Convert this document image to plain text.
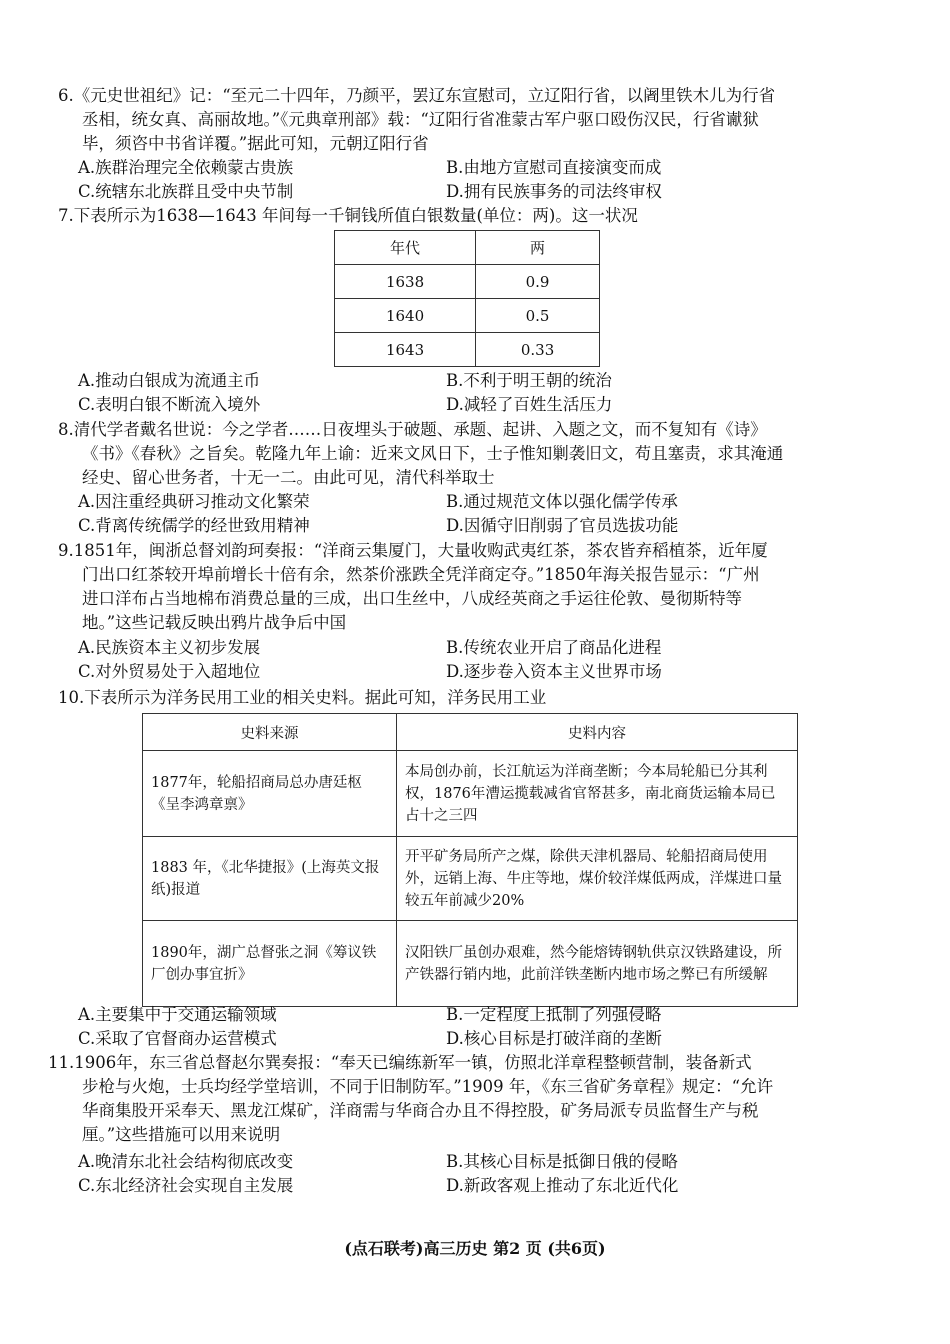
6.《元史世祖纪》记：“至元二十四年，乃颜平，罢辽东宣慰司，立辽阳行省，以阇里铁木儿为行省

丞相，统女真、高丽故地。”《元典章刑部》载：“辽阳行省准蒙古军户驱口殴伤汉民，行省谳狱

毕，须咨中书省详覆。”据此可知，元朝辽阳行省

A.族群治理完全依赖蒙古贵族	B.由地方宣慰司直接演变而成
C.统辖东北族群且受中央节制	D.拥有民族事务的司法终审权

7.下表所示为1638—1643 年间每一千铜钱所值白银数量(单位：两)。这一状况

年代	两
1638	0.9
1640	0.5
1643	0.33
A.推动白银成为流通主币	B.不利于明王朝的统治
C.表明白银不断流入境外	D.减轻了百姓生活压力

8.清代学者戴名世说：今之学者……日夜埋头于破题、承题、起讲、入题之文，而不复知有《诗》

《书》《春秋》之旨矣。乾隆九年上谕：近来文风日下，士子惟知剿袭旧文，苟且塞责，求其淹通

经史、留心世务者，十无一二。由此可见，清代科举取士

A.因注重经典研习推动文化繁荣	B.通过规范文体以强化儒学传承
C.背离传统儒学的经世致用精神	D.因循守旧削弱了官员选拔功能

9.1851年，闽浙总督刘韵珂奏报：“洋商云集厦门，大量收购武夷红茶，茶农皆弃稻植茶，近年厦

门出口红茶较开埠前增长十倍有余，然茶价涨跌全凭洋商定夺。”1850年海关报告显示：“广州

进口洋布占当地棉布消费总量的三成，出口生丝中，八成经英商之手运往伦敦、曼彻斯特等

地。”这些记载反映出鸦片战争后中国

A.民族资本主义初步发展	B.传统农业开启了商品化进程
C.对外贸易处于入超地位	D.逐步卷入资本主义世界市场

10.下表所示为洋务民用工业的相关史料。据此可知，洋务民用工业

史料来源	史料内容
1877年，轮船招商局总办唐廷枢《呈李鸿章禀》	本局创办前，长江航运为洋商垄断；今本局轮船已分其利权，1876年漕运揽载减省官帑甚多，南北商货运输本局已占十之三四
1883 年，《北华捷报》(上海英文报纸)报道	开平矿务局所产之煤，除供天津机器局、轮船招商局使用外，远销上海、牛庄等地，煤价较洋煤低两成，洋煤进口量较五年前减少20%
1890年，湖广总督张之洞《筹议铁厂创办事宜折》	汉阳铁厂虽创办艰难，然今能熔铸钢轨供京汉铁路建设，所产铁器行销内地，此前洋铁垄断内地市场之弊已有所缓解
A.主要集中于交通运输领域	B.一定程度上抵制了列强侵略
C.采取了官督商办运营模式	D.核心目标是打破洋商的垄断

11.1906年，东三省总督赵尔巽奏报：“奉天已编练新军一镇，仿照北洋章程整顿营制，装备新式

步枪与火炮，士兵均经学堂培训，不同于旧制防军。”1909 年，《东三省矿务章程》规定：“允许

华商集股开采奉天、黑龙江煤矿，洋商需与华商合办且不得控股，矿务局派专员监督生产与税

厘。”这些措施可以用来说明

A.晚清东北社会结构彻底改变	B.其核心目标是抵御日俄的侵略
C.东北经济社会实现自主发展	D.新政客观上推动了东北近代化
(点石联考)高三历史 第2 页 (共6页)
